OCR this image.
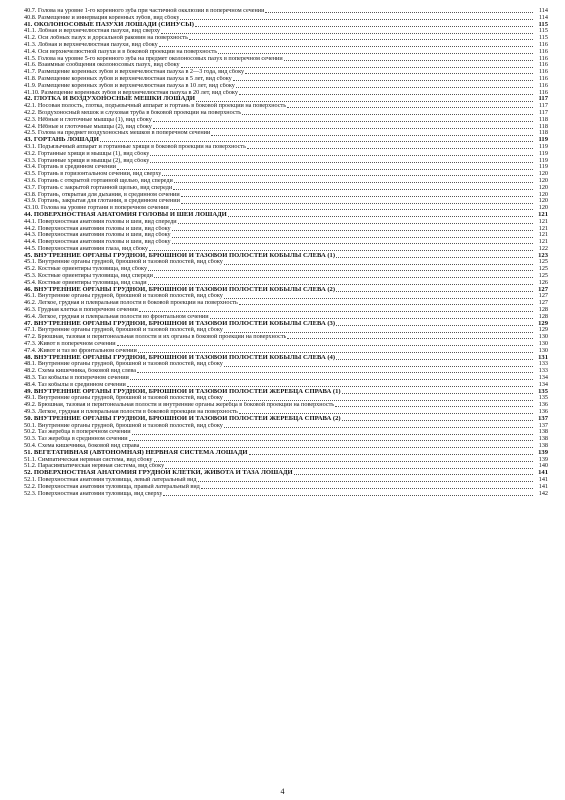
40.7. Голова на уровне 1-го коренного зуба при частичной окклюзии в поперечном сечении	114
40.8. Размещение и иннервация коренных зубов, вид сбоку	114
41. ОКОЛОНОСОВЫЕ ПАЗУХИ ЛОШАДИ (СИНУСЫ)	115
41.1. Лобная и верхнечелюстная пазухи, вид сверху	115
41.2. Оси лобных пазух и дорсальной раковин на поверхность	115
41.3. Лобная и верхнечелюстная пазухи, вид сбоку	116
41.4. Оси верхнечелюстной пазухи и в боковой проекции на поверхность	116
41.5. Голова на уровне 5-го коренного зуба на предмет околоносовых пазух в поперечном сечении	116
41.6. Взаимные сообщения околоносовых пазух, вид сбоку	116
41.7. Размещение коренных зубов и верхнечелюстная пазуха в 2—3 года, вид сбоку	116
41.8. Размещение коренных зубов и верхнечелюстная пазуха в 5 лет, вид сбоку	116
41.9. Размещение коренных зубов и верхнечелюстная пазуха в 10 лет, вид сбоку	116
41.10. Размещение коренных зубов и верхнечелюстная пазуха в 20 лет, вид сбоку	116
42. ГЛОТКА И ВОЗДУХОНОСНЫЕ МЕШКИ ЛОШАДИ	117
42.1. Носовая полость, глотка, подъязычный аппарат и гортань в боковой проекции на поверхность	117
42.2. Воздухоносный мешок и слуховая труба в боковой проекции на поверхность	117
42.3. Нёбные и глоточные мышцы (1), вид сбоку	118
42.4. Нёбные и глоточные мышцы (2), вид сбоку	118
42.5. Голова на предмет воздухоносных мешков в поперечном сечении	118
43. ГОРТАНЬ ЛОШАДИ	119
43.1. Подъязычный аппарат и гортанные хрящи в боковой проекции на поверхность	119
43.2. Гортанные хрящи и мышцы (1), вид сбоку	119
43.3. Гортанные хрящи и мышцы (2), вид сбоку	119
43.4. Гортань в срединном сечении	119
43.5. Гортань в горизонтальном сечении, вид сверху	120
43.6. Гортань с открытой гортанной щелью, вид спереди	120
43.7. Гортань с закрытой гортанной щелью, вид спереди	120
43.8. Гортань, открытая для дыхания, в срединном сечении	120
43.9. Гортань, закрытая для глотания, в срединном сечении	120
43.10. Голова на уровне гортани в поперечном сечении	120
44. ПОВЕРХНОСТНАЯ АНАТОМИЯ ГОЛОВЫ И ШЕИ ЛОШАДИ	121
44.1. Поверхностная анатомия головы и шеи, вид спереди	121
44.2. Поверхностная анатомия головы и шеи, вид сбоку	121
44.3. Поверхностная анатомия головы и шеи, вид сбоку	121
44.4. Поверхностная анатомия головы и шеи, вид сбоку	121
44.5. Поверхностная анатомия глаза, вид сбоку	122
45. ВНУТРЕННИЕ ОРГАНЫ ГРУДНОЙ, БРЮШНОЙ И ТАЗОВОЙ ПОЛОСТЕЙ КОБЫЛЫ СЛЕВА (1)	123
45.1. Внутренние органы грудной, брюшной и тазовой полостей, вид сбоку	125
45.2. Костные ориентиры туловища, вид сбоку	125
45.3. Костные ориентиры туловища, вид спереди	125
45.4. Костные ориентиры туловища, вид сзади	126
46. ВНУТРЕННИЕ ОРГАНЫ ГРУДНОЙ, БРЮШНОЙ И ТАЗОВОЙ ПОЛОСТЕЙ КОБЫЛЫ СЛЕВА (2)	127
46.1. Внутренние органы грудной, брюшной и тазовой полостей, вид сбоку	127
46.2. Легкое, грудная и плевральная полости в боковой проекции на поверхность	127
46.3. Грудная клетка в поперечном сечении	128
46.4. Легкое, грудная и плевральная полости во фронтальном сечении	128
47. ВНУТРЕННИЕ ОРГАНЫ ГРУДНОЙ, БРЮШНОЙ И ТАЗОВОЙ ПОЛОСТЕЙ КОБЫЛЫ СЛЕВА (3)	129
47.1. Внутренние органы грудной, брюшной и тазовой полостей, вид сбоку	129
47.2. Брюшная, тазовая и перитонеальная полости и их органы в боковой проекции на поверхность	130
47.3. Живот в поперечном сечении	130
47.4. Живот и таз во фронтальном сечении	130
48. ВНУТРЕННИЕ ОРГАНЫ ГРУДНОЙ, БРЮШНОЙ И ТАЗОВОЙ ПОЛОСТЕЙ КОБЫЛЫ СЛЕВА (4)	131
48.1. Внутренние органы грудной, брюшной и тазовой полостей, вид сбоку	133
48.2. Схема кишечника, боковой вид слева	133
48.3. Таз кобылы в поперечном сечении	134
48.4. Таз кобылы в срединном сечении	134
49. ВНУТРЕННИЕ ОРГАНЫ ГРУДНОЙ, БРЮШНОЙ И ТАЗОВОЙ ПОЛОСТЕЙ ЖЕРЕБЦА СПРАВА (1)	135
49.1. Внутренние органы грудной, брюшной и тазовой полостей, вид сбоку	135
49.2. Брюшная, тазовая и перитонеальная полости и внутренние органы жеребца в боковой проекции на поверхность	136
49.3. Легкое, грудная и плевральная полости в боковой проекции на поверхность	136
50. ВНУТРЕННИЕ ОРГАНЫ ГРУДНОЙ, БРЮШНОЙ И ТАЗОВОЙ ПОЛОСТЕЙ ЖЕРЕБЦА СПРАВА (2)	137
50.1. Внутренние органы грудной, брюшной и тазовой полостей, вид сбоку	137
50.2. Таз жеребца в поперечном сечении	138
50.3. Таз жеребца в срединном сечении	138
50.4. Схема кишечника, боковой вид справа	138
51. ВЕГЕТАТИВНАЯ (АВТОНОМНАЯ) НЕРВНАЯ СИСТЕМА ЛОШАДИ	139
51.1. Симпатическая нервная система, вид сбоку	139
51.2. Парасимпатическая нервная система, вид сбоку	140
52. ПОВЕРХНОСТНАЯ АНАТОМИЯ ГРУДНОЙ КЛЕТКИ, ЖИВОТА И ТАЗА ЛОШАДИ	141
52.1. Поверхностная анатомия туловища, левый латеральный вид	141
52.2. Поверхностная анатомия туловища, правый латеральный вид	141
52.3. Поверхностная анатомия туловища, вид сверху	142
4
